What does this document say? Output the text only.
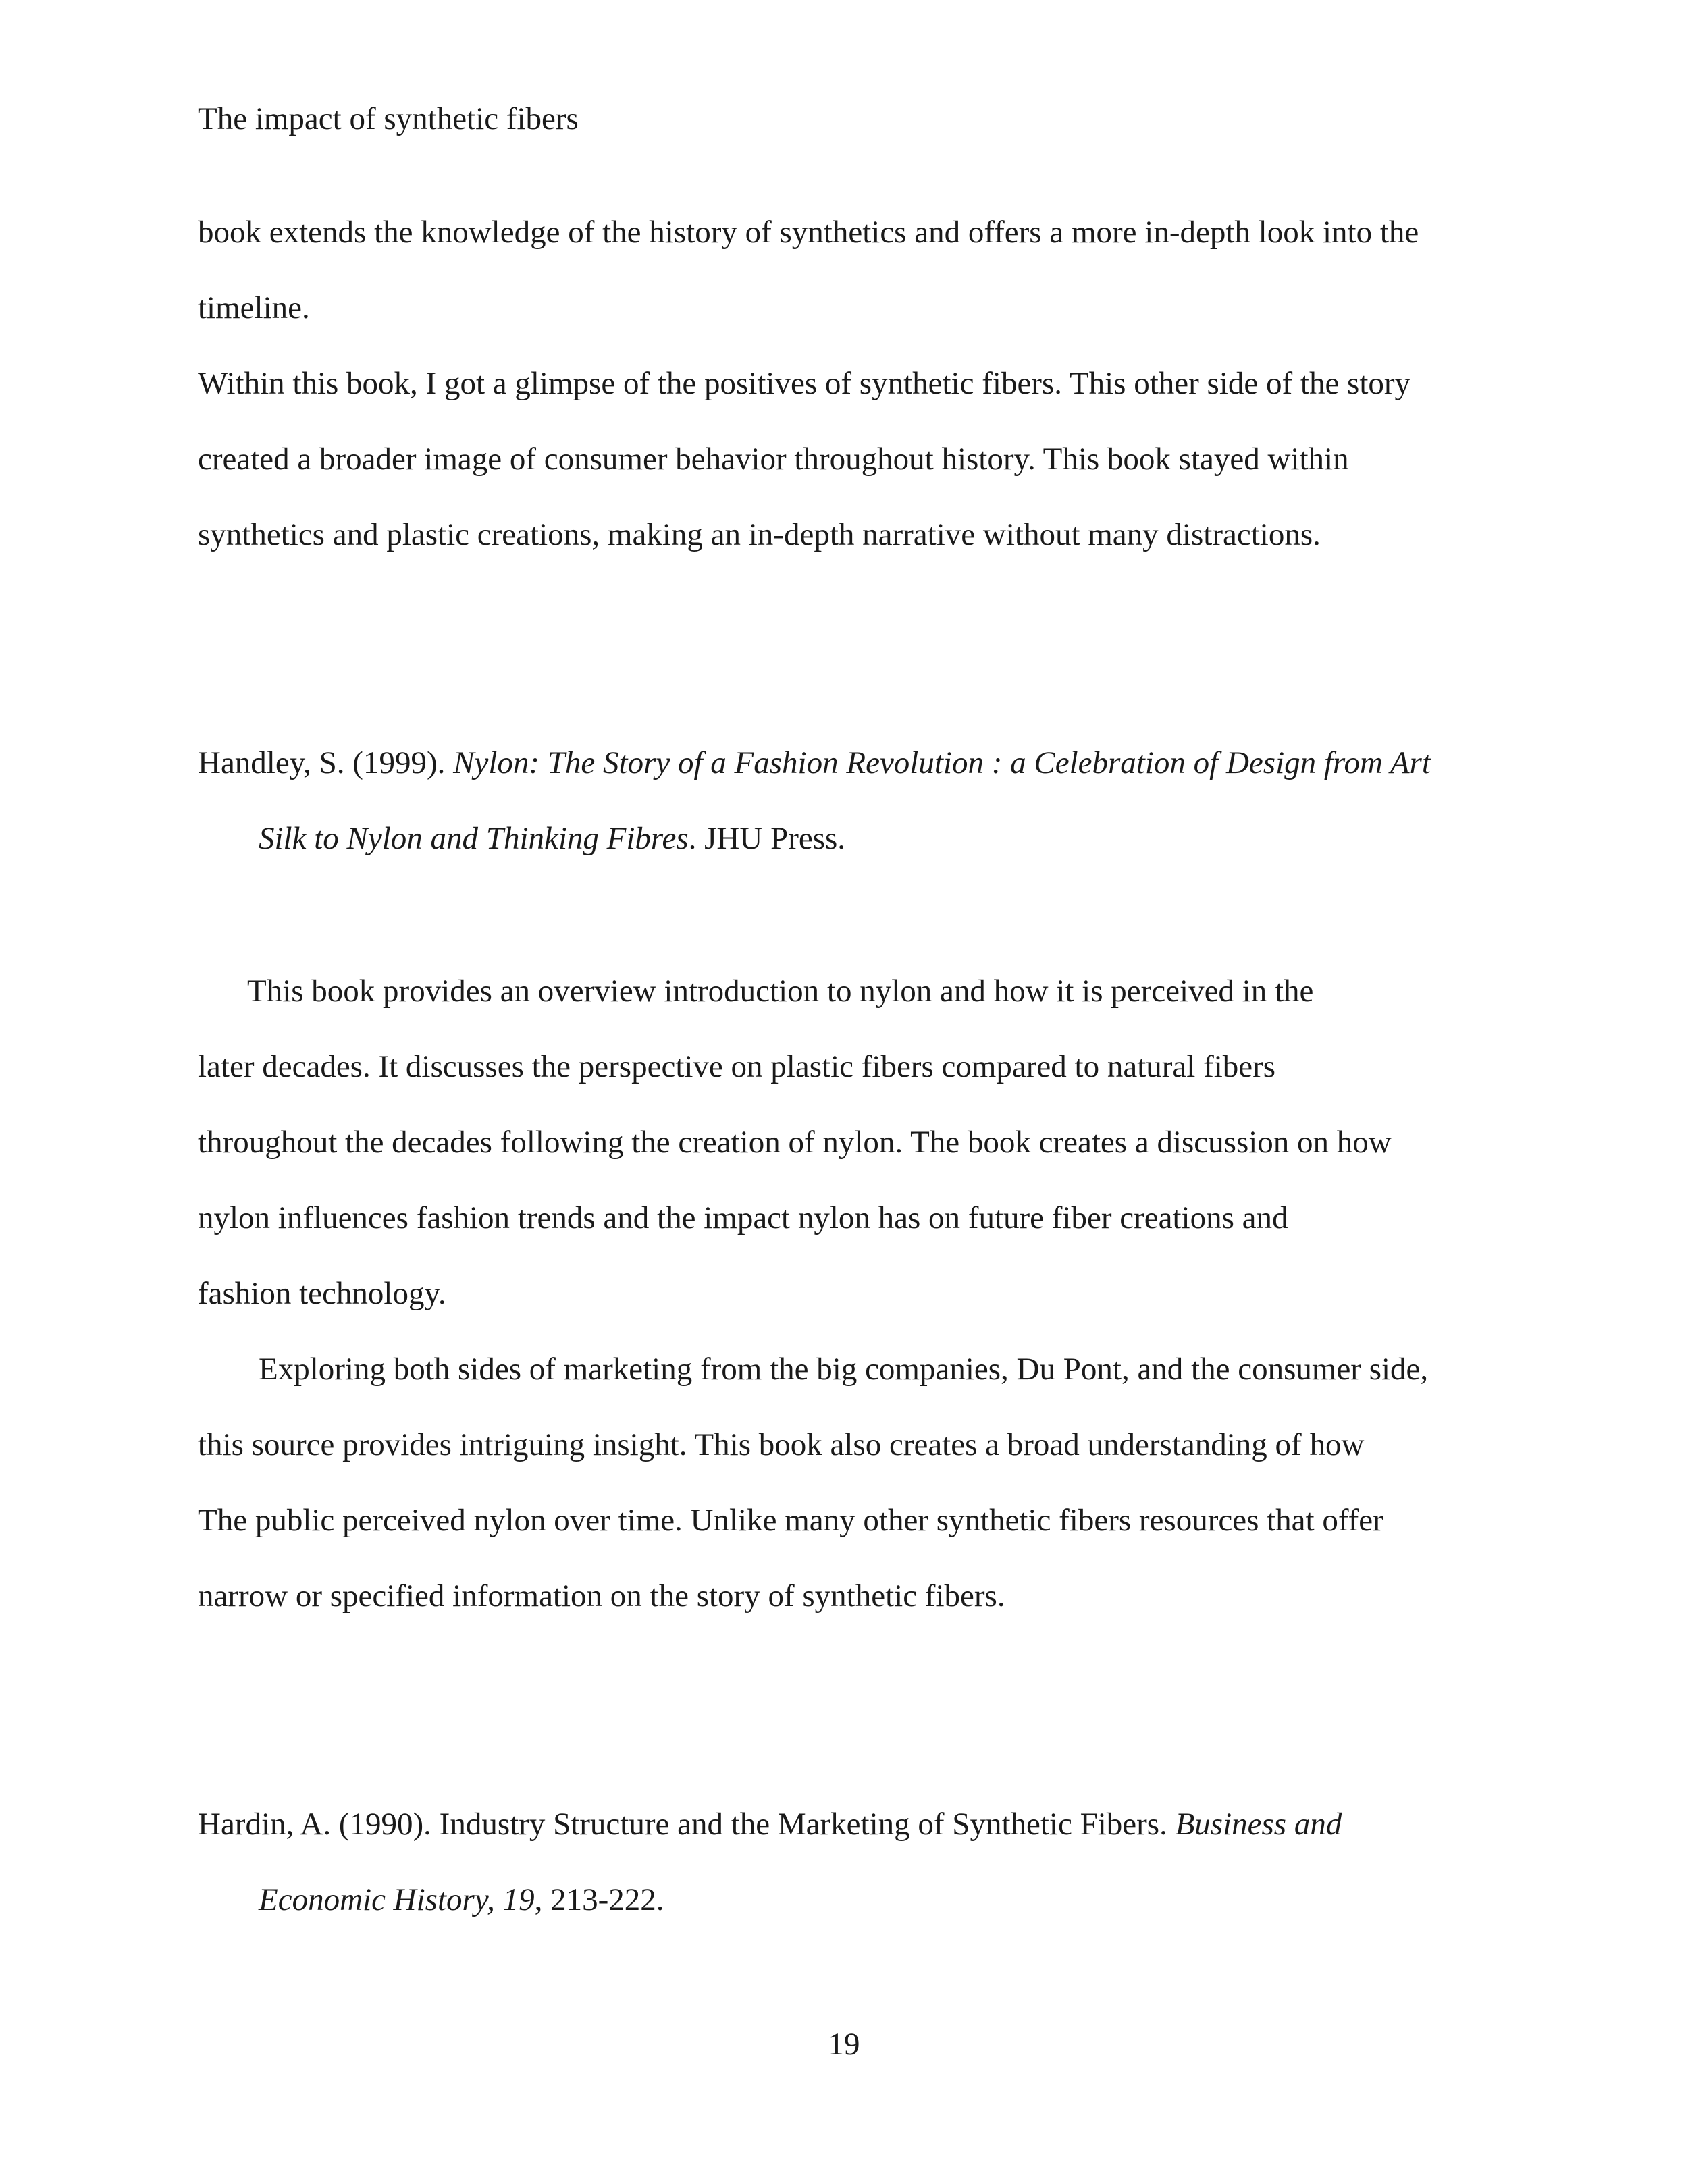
The impact of synthetic fibers
book extends the knowledge of the history of synthetics and offers a more in-depth look into the
timeline.
Within this book, I got a glimpse of the positives of synthetic fibers. This other side of the story
created a broader image of consumer behavior throughout history. This book stayed within
synthetics and plastic creations, making an in-depth narrative without many distractions.
Handley, S. (1999). Nylon: The Story of a Fashion Revolution : a Celebration of Design from Art
Silk to Nylon and Thinking Fibres. JHU Press.
This book provides an overview introduction to nylon and how it is perceived in the
later decades. It discusses the perspective on plastic fibers compared to natural fibers
throughout the decades following the creation of nylon. The book creates a discussion on how
nylon influences fashion trends and the impact nylon has on future fiber creations and
fashion technology.
Exploring both sides of marketing from the big companies, Du Pont, and the consumer side,
this source provides intriguing insight. This book also creates a broad understanding of how
The public perceived nylon over time. Unlike many other synthetic fibers resources that offer
narrow or specified information on the story of synthetic fibers.
Hardin, A. (1990). Industry Structure and the Marketing of Synthetic Fibers. Business and
Economic History, 19, 213-222.
19
